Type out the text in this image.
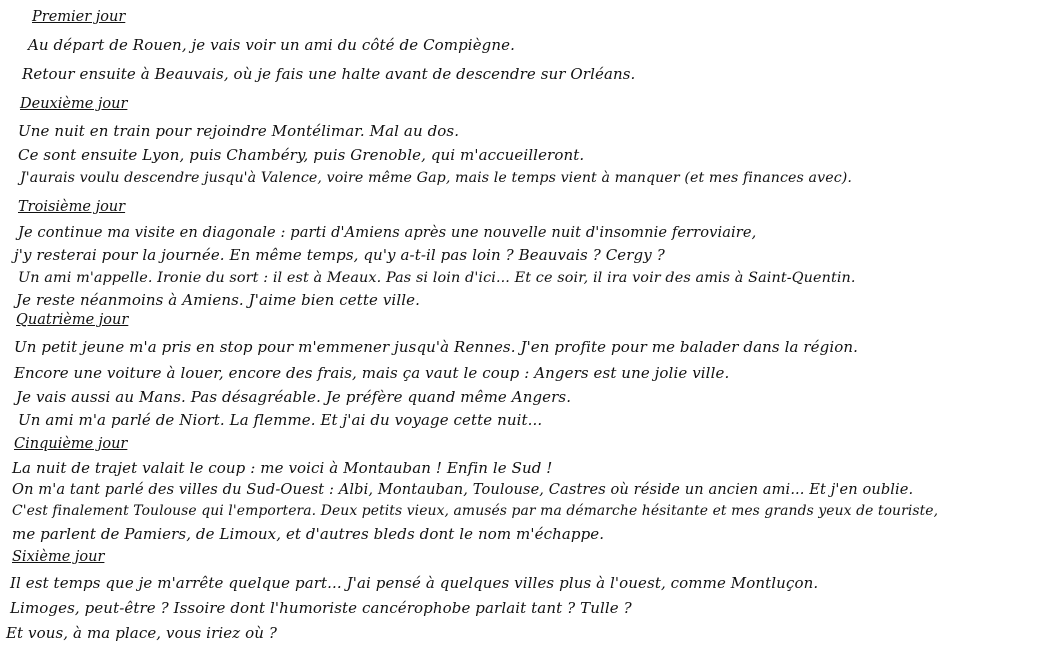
Premier jour
Au départ de Rouen, je vais voir un ami du côté de Compiègne.
Retour ensuite à Beauvais, où je fais une halte avant de descendre sur Orléans.
Deuxième jour
Une nuit en train pour rejoindre Montélimar. Mal au dos.
Ce sont ensuite Lyon, puis Chambéry, puis Grenoble, qui m'accueilleront.
J'aurais voulu descendre jusqu'à Valence, voire même Gap, mais le temps vient à manquer (et mes finances avec).
Troisième jour
Je continue ma visite en diagonale : parti d'Amiens après une nouvelle nuit d'insomnie ferroviaire,
j'y resterai pour la journée. En même temps, qu'y a-t-il pas loin ? Beauvais ? Cergy ?
Un ami m'appelle. Ironie du sort : il est à Meaux. Pas si loin d'ici... Et ce soir, il ira voir des amis à Saint-Quentin.
Je reste néanmoins à Amiens. J'aime bien cette ville.
Quatrième jour
Un petit jeune m'a pris en stop pour m'emmener jusqu'à Rennes. J'en profite pour me balader dans la région.
Encore une voiture à louer, encore des frais, mais ça vaut le coup : Angers est une jolie ville.
Je vais aussi au Mans. Pas désagréable. Je préfère quand même Angers.
Un ami m'a parlé de Niort. La flemme. Et j'ai du voyage cette nuit...
Cinquième jour
La nuit de trajet valait le coup : me voici à Montauban ! Enfin le Sud !
On m'a tant parlé des villes du Sud-Ouest : Albi, Montauban, Toulouse, Castres où réside un ancien ami... Et j'en oublie.
C'est finalement Toulouse qui l'emportera. Deux petits vieux, amusés par ma démarche hésitante et mes grands yeux de touriste,
me parlent de Pamiers, de Limoux, et d'autres bleds dont le nom m'échappe.
Sixième jour
Il est temps que je m'arrête quelque part... J'ai pensé à quelques villes plus à l'ouest, comme Montluçon.
Limoges, peut-être ? Issoire dont l'humoriste cancérophobe parlait tant ? Tulle ?
Et vous, à ma place, vous iriez où ?
